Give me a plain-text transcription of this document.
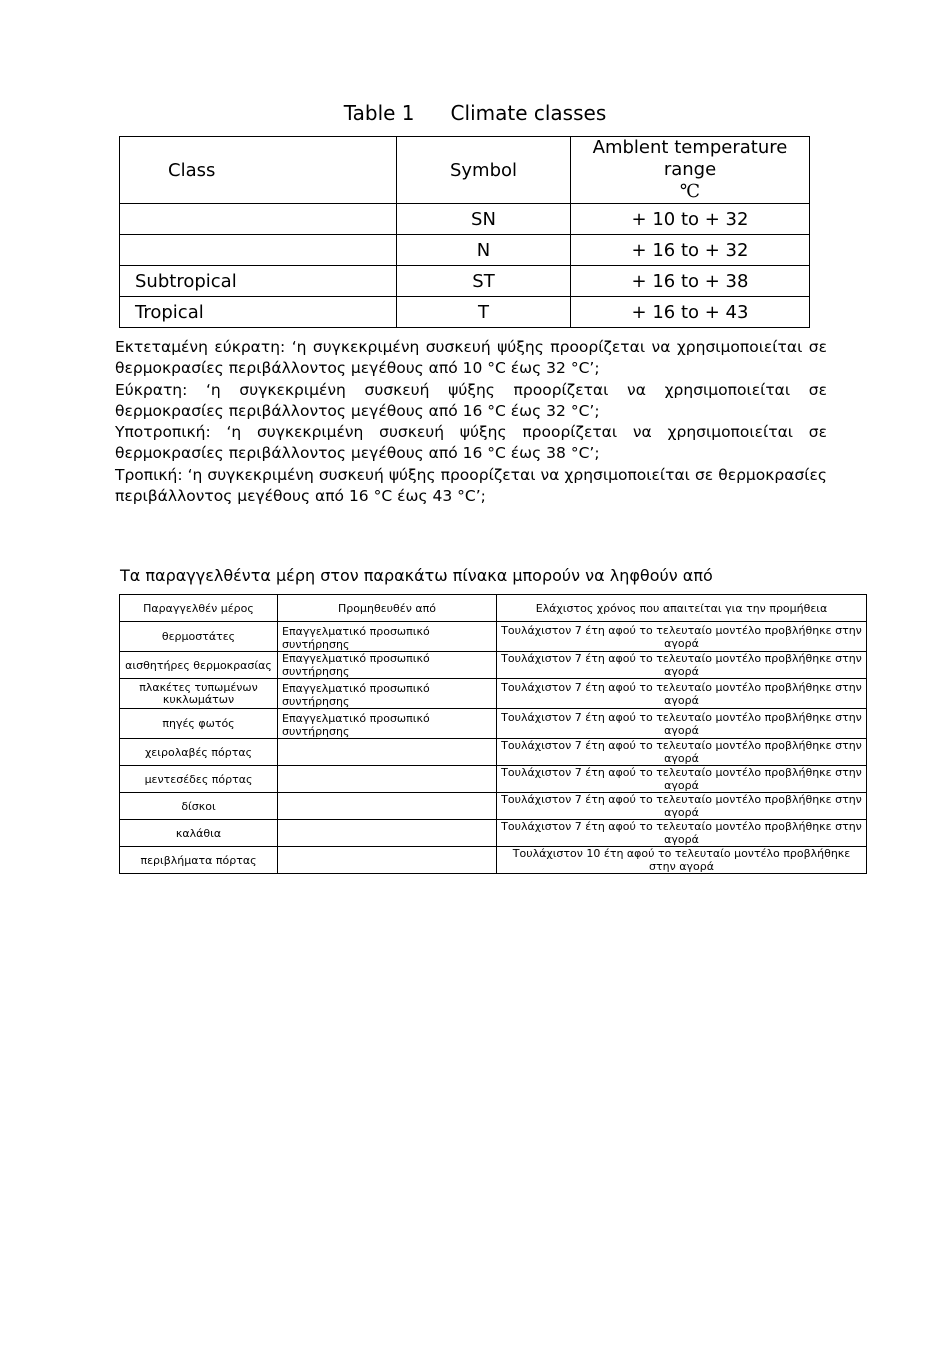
Table 1 Climate classes
Class	Symbol	Amblent temperature range
℃
	SN	+ 10 to + 32
	N	+ 16 to + 32
Subtropical	ST	+ 16 to + 38
Tropical	T	+ 16 to + 43

Εκτεταμένη εύκρατη: ‘η συγκεκριμένη συσκευή ψύξης προορίζεται να χρησιμοποιείται σε θερμοκρασίες περιβάλλοντος μεγέθους από 10 °C έως 32 °C’;

Εύκρατη: ‘η συγκεκριμένη συσκευή ψύξης προορίζεται να χρησιμοποιείται σε θερμοκρασίες περιβάλλοντος μεγέθους από 16 °C έως 32 °C’;

Υποτροπική: ‘η συγκεκριμένη συσκευή ψύξης προορίζεται να χρησιμοποιείται σε θερμοκρασίες περιβάλλοντος μεγέθους από 16 °C έως 38 °C’;

Τροπική: ‘η συγκεκριμένη συσκευή ψύξης προορίζεται να χρησιμοποιείται σε θερμοκρασίες περιβάλλοντος μεγέθους από 16 °C έως 43 °C’;

Τα παραγγελθέντα μέρη στον παρακάτω πίνακα μπορούν να ληφθούν από
Παραγγελθέν μέρος	Προμηθευθέν από	Ελάχιστος χρόνος που απαιτείται για την προμήθεια
θερμοστάτες	Επαγγελματικό προσωπικό συντήρησης	Τουλάχιστον 7 έτη αφού το τελευταίο μοντέλο προβλήθηκε στην αγορά
αισθητήρες θερμοκρασίας	Επαγγελματικό προσωπικό συντήρησης	Τουλάχιστον 7 έτη αφού το τελευταίο μοντέλο προβλήθηκε στην αγορά
πλακέτες τυπωμένων κυκλωμάτων	Επαγγελματικό προσωπικό συντήρησης	Τουλάχιστον 7 έτη αφού το τελευταίο μοντέλο προβλήθηκε στην αγορά
πηγές φωτός	Επαγγελματικό προσωπικό συντήρησης	Τουλάχιστον 7 έτη αφού το τελευταίο μοντέλο προβλήθηκε στην αγορά
χειρολαβές πόρτας		Τουλάχιστον 7 έτη αφού το τελευταίο μοντέλο προβλήθηκε στην αγορά
μεντεσέδες πόρτας		Τουλάχιστον 7 έτη αφού το τελευταίο μοντέλο προβλήθηκε στην αγορά
δίσκοι		Τουλάχιστον 7 έτη αφού το τελευταίο μοντέλο προβλήθηκε στην αγορά
καλάθια		Τουλάχιστον 7 έτη αφού το τελευταίο μοντέλο προβλήθηκε στην αγορά
περιβλήματα πόρτας		Τουλάχιστον 10 έτη αφού το τελευταίο μοντέλο προβλήθηκε στην αγορά
